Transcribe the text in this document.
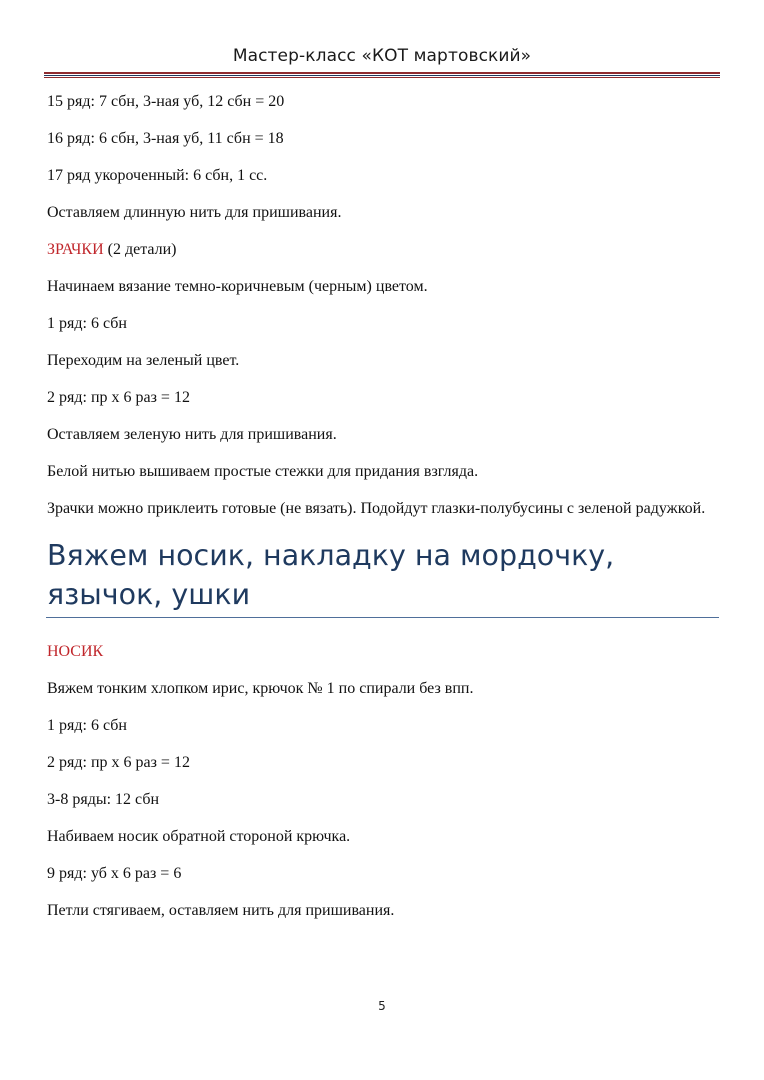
Мастер-класс «КОТ мартовский»

15 ряд: 7 сбн, 3-ная уб, 12 сбн = 20

16 ряд: 6 сбн, 3-ная уб, 11 сбн = 18

17 ряд укороченный: 6 сбн, 1 сс.

Оставляем длинную нить для пришивания.

ЗРАЧКИ (2 детали)

Начинаем вязание темно-коричневым (черным) цветом.

1 ряд: 6 сбн

Переходим на зеленый цвет.

2 ряд: пр х 6 раз = 12

Оставляем зеленую нить для пришивания.

Белой нитью вышиваем простые стежки для придания взгляда.

Зрачки можно приклеить готовые (не вязать). Подойдут глазки-полубусины с зеленой радужкой.

Вяжем носик, накладку на мордочку, язычок, ушки

НОСИК

Вяжем тонким хлопком ирис, крючок № 1 по спирали без впп.

1 ряд: 6 сбн

2 ряд: пр х 6 раз = 12

3-8 ряды: 12 сбн

Набиваем носик обратной стороной крючка.

9 ряд: уб х 6 раз = 6

Петли стягиваем, оставляем нить для пришивания.

5
